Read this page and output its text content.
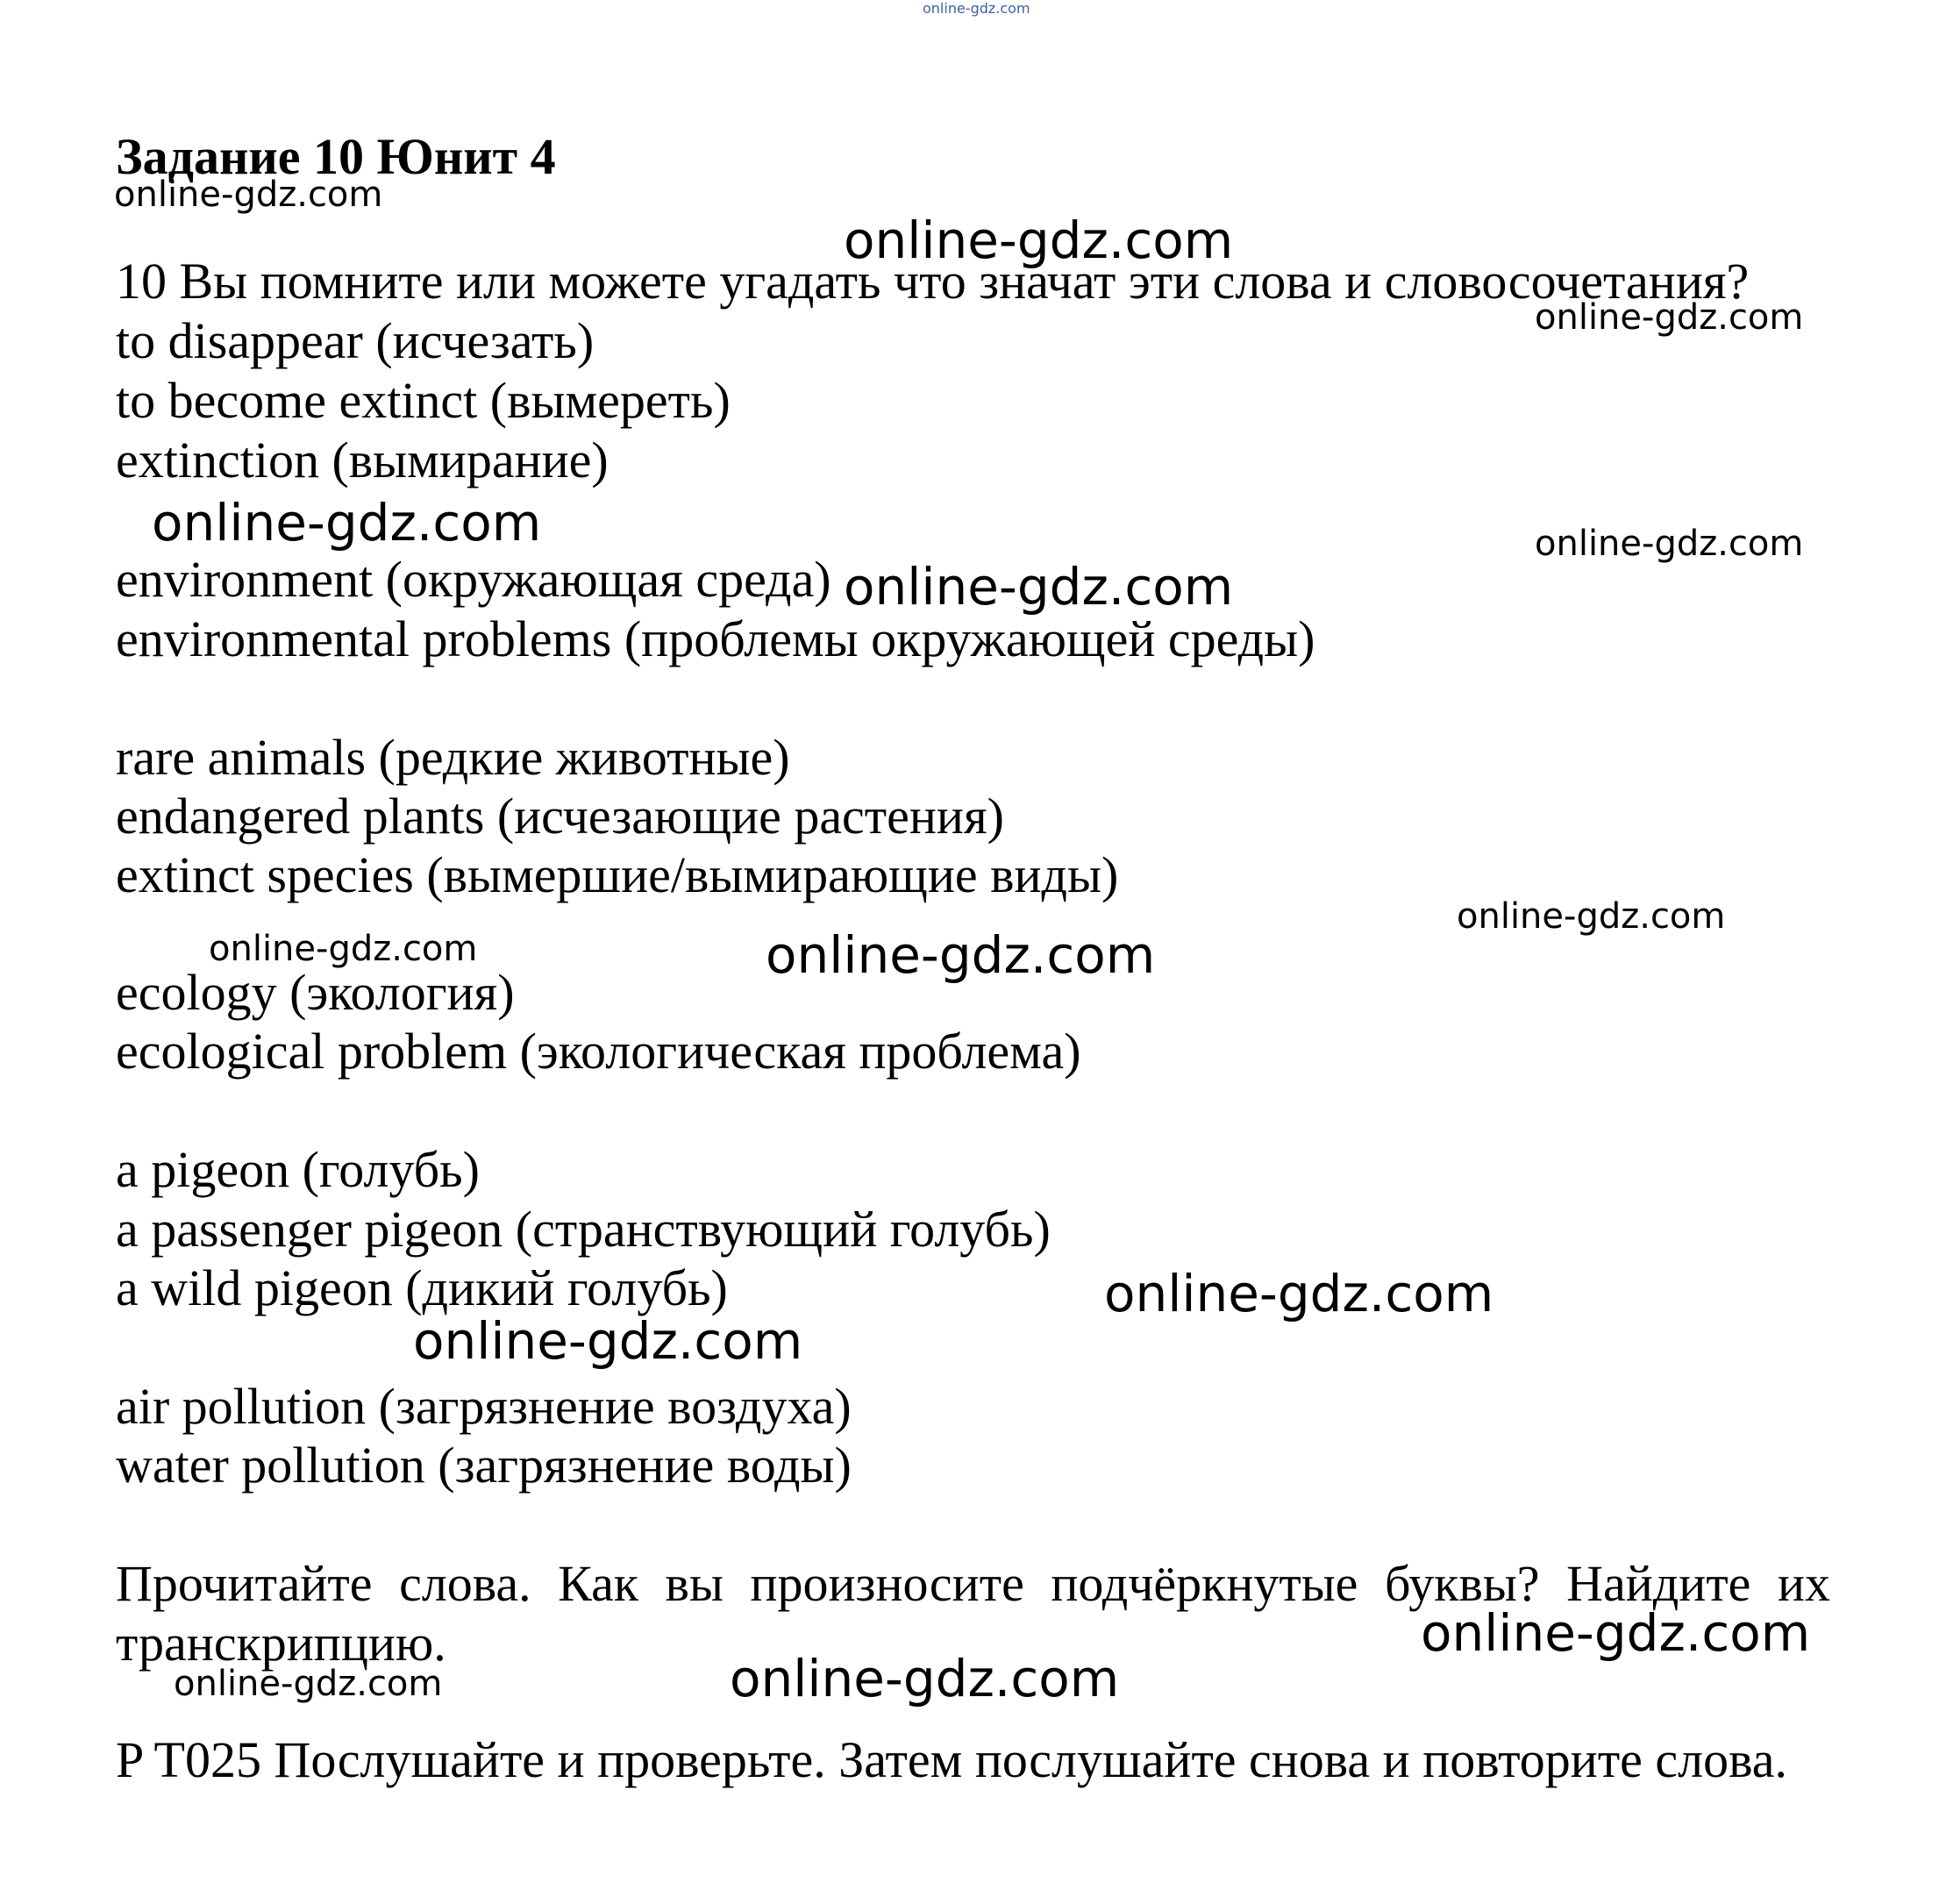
online-gdz.com
Задание 10 Юнит 4
10 Вы помните или можете угадать что значат эти слова и словосочетания?
to disappear (исчезать)
to become extinct (вымереть)
extinction (вымирание)
environment (окружающая среда)
environmental problems (проблемы окружающей среды)
rare animals (редкие животные)
endangered plants (исчезающие растения)
extinct species (вымершие/вымирающие виды)
ecology (экология)
ecological problem (экологическая проблема)
a pigeon (голубь)
a passenger pigeon (странствующий голубь)
a wild pigeon (дикий голубь)
air pollution (загрязнение воздуха)
water pollution (загрязнение воды)
Прочитайте слова. Как вы произносите подчёркнутые буквы? Найдите их транскрипцию.
P T025 Послушайте и проверьте. Затем послушайте снова и повторите слова.
online-gdz.com
online-gdz.com
online-gdz.com
online-gdz.com	online-gdz.com
online-gdz.com
online-gdz.com
online-gdz.com	online-gdz.com
online-gdz.com
online-gdz.com
online-gdz.com
online-gdz.com	online-gdz.com
